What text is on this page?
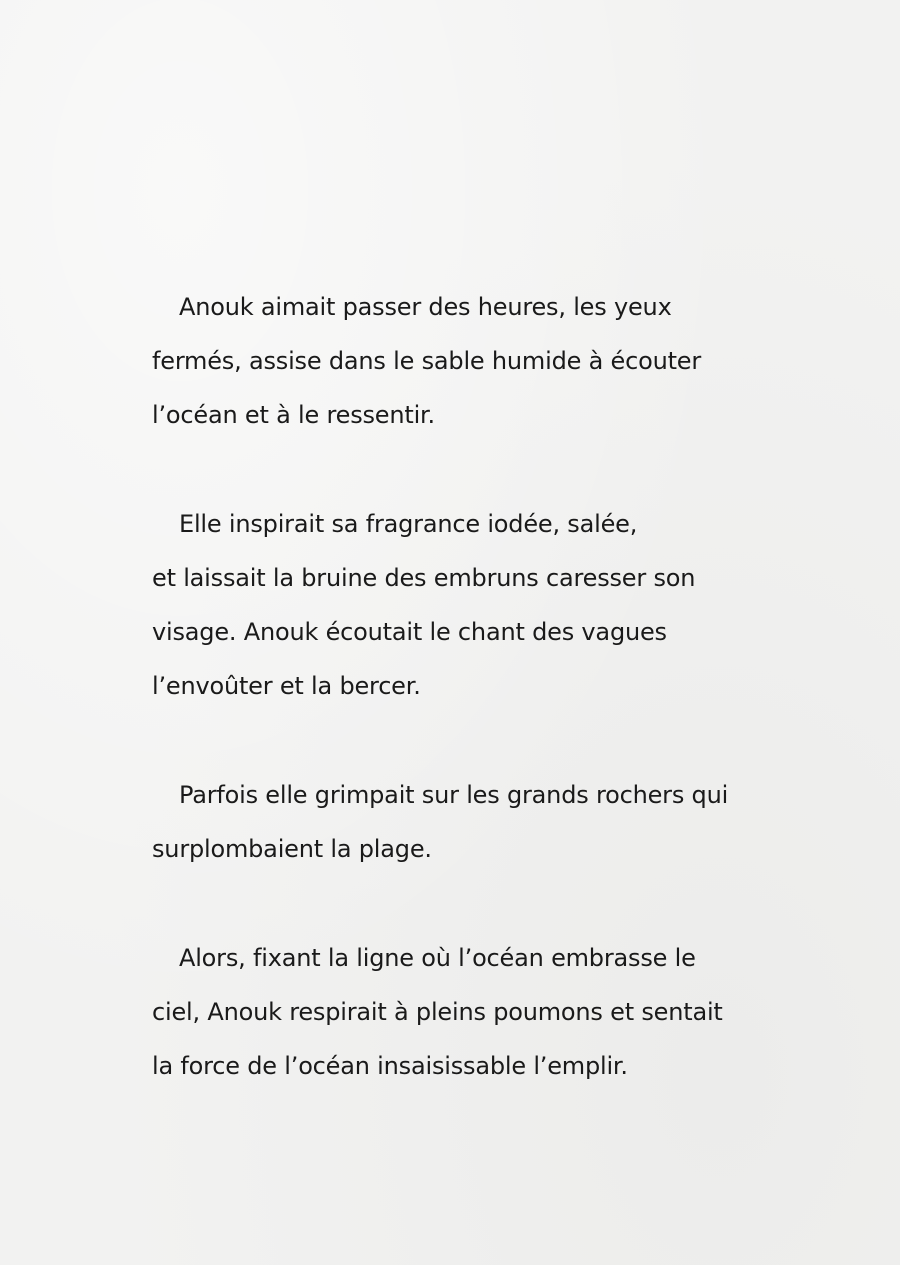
Anouk aimait passer des heures, les yeux
fermés, assise dans le sable humide à écouter
l’océan et à le ressentir.

Elle inspirait sa fragrance iodée, salée,
et laissait la bruine des embruns caresser son
visage. Anouk écoutait le chant des vagues
l’envoûter et la bercer.

Parfois elle grimpait sur les grands rochers qui
surplombaient la plage.

Alors, fixant la ligne où l’océan embrasse le
ciel, Anouk respirait à pleins poumons et sentait
la force de l’océan insaisissable l’emplir.
